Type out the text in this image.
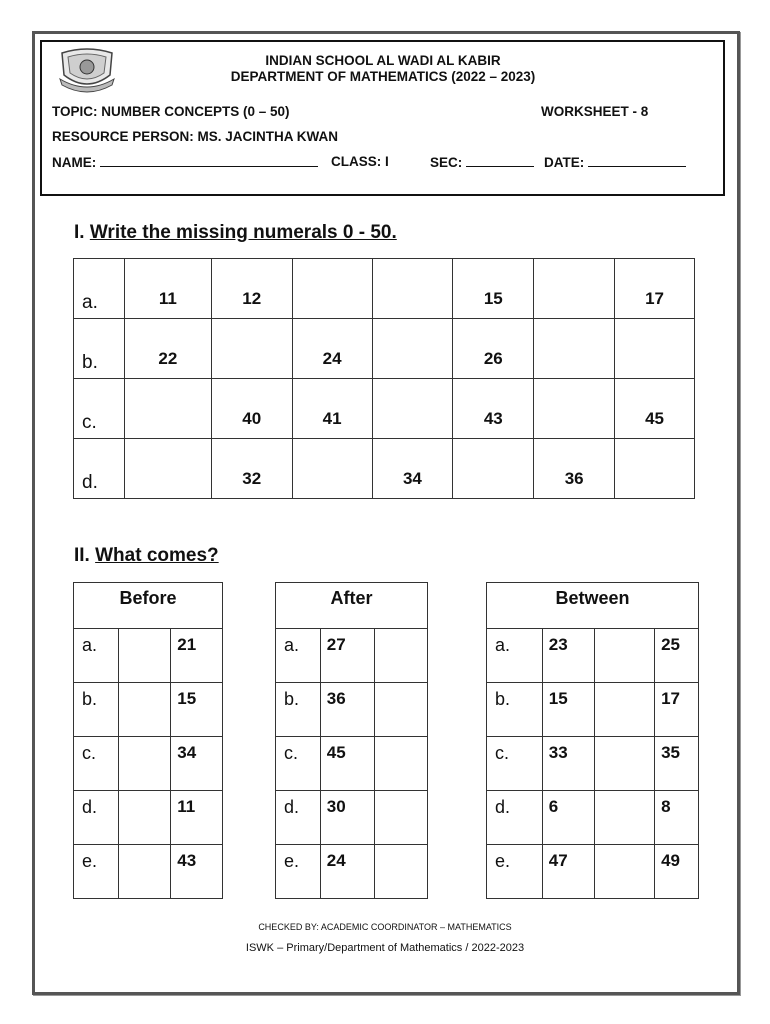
INDIAN SCHOOL AL WADI AL KABIR
DEPARTMENT OF MATHEMATICS (2022 – 2023)
TOPIC: NUMBER CONCEPTS (0 – 50)	WORKSHEET - 8
RESOURCE PERSON: MS. JACINTHA KWAN
NAME:	CLASS: I	SEC:	DATE:
I. Write the missing numerals 0 - 50.
a.	11	12			15		17
b.	22		24		26		
c.		40	41		43		45
d.		32		34		36	
II. What comes?
Before		
a.		21
b.		15
c.		34
d.		11
e.		43
After		
a.	27	
b.	36	
c.	45	
d.	30	
e.	24	
Between			
a.	23		25
b.	15		17
c.	33		35
d.	6		8
e.	47		49
CHECKED BY: ACADEMIC COORDINATOR – MATHEMATICS
ISWK – Primary/Department of Mathematics / 2022-2023
